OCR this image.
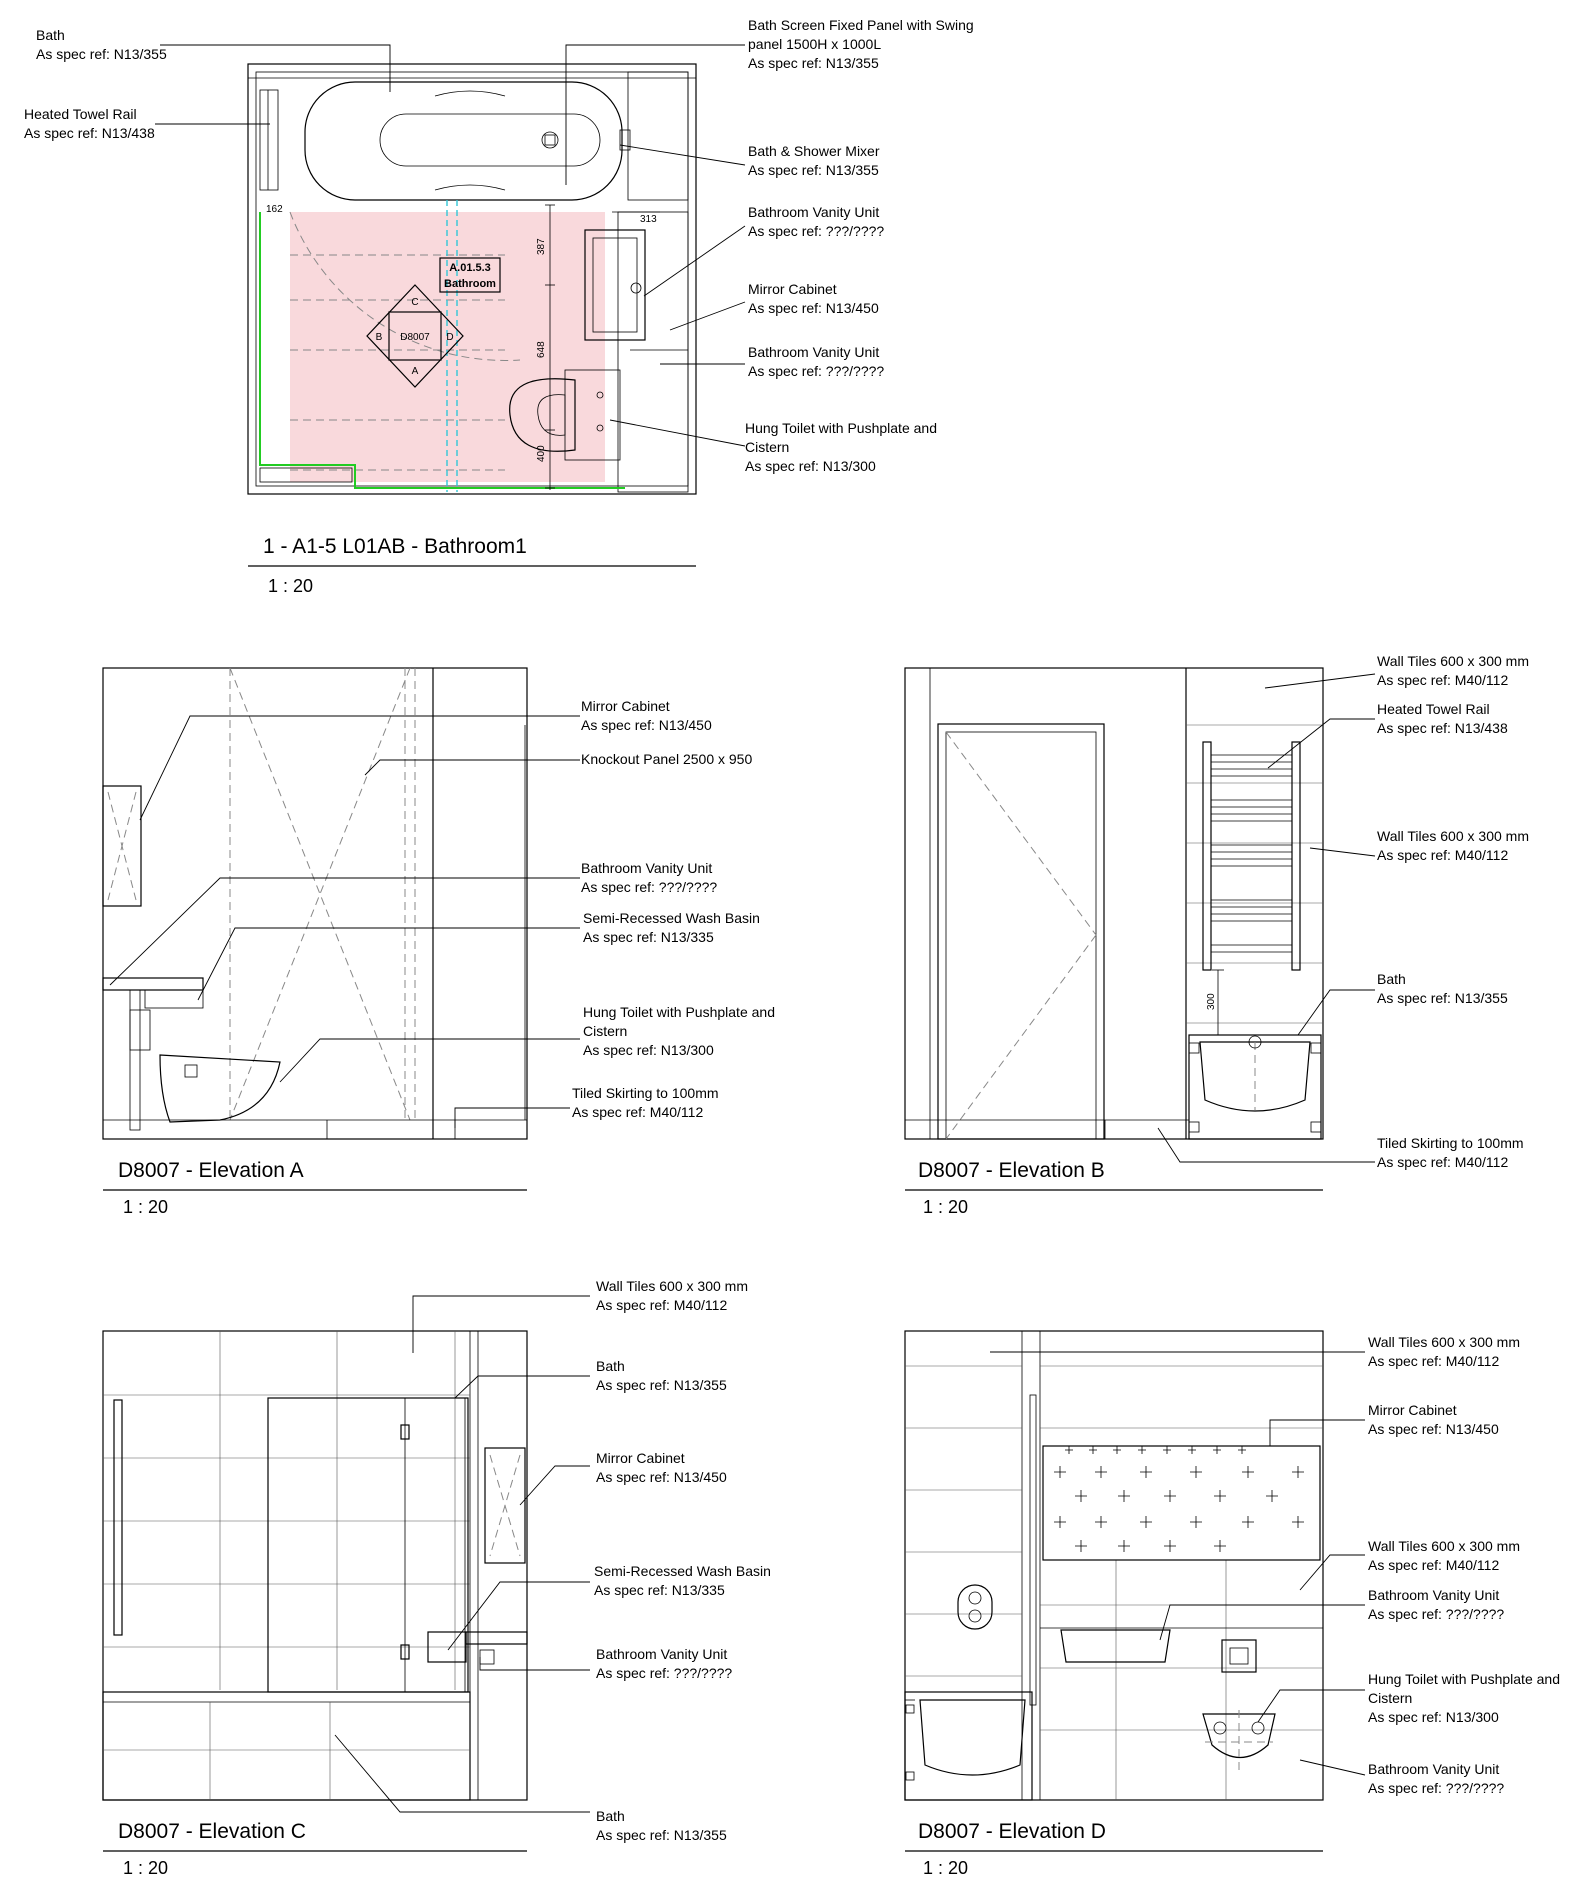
162
313
387
648
400
A.01.5.3
Bathroom
D8007
A
B
C
D
Bath As spec ref: N13/355
Heated Towel Rail As spec ref: N13/438
Bath Screen Fixed Panel with Swing panel 1500H x 1000L As spec ref: N13/355
Bath & Shower Mixer As spec ref: N13/355
Bathroom Vanity Unit As spec ref: ???/????
Mirror Cabinet As spec ref: N13/450
Bathroom Vanity Unit As spec ref: ???/????
Hung Toilet with Pushplate and Cistern As spec ref: N13/300
1 - A1-5 L01AB - Bathroom1
1 : 20
Mirror Cabinet As spec ref: N13/450
Knockout Panel 2500 x 950
Bathroom Vanity Unit As spec ref: ???/????
Semi-Recessed Wash Basin As spec ref: N13/335
Hung Toilet with Pushplate and Cistern As spec ref: N13/300
Tiled Skirting to 100mm As spec ref: M40/112
D8007 - Elevation A
1 : 20
300
Wall Tiles 600 x 300 mm As spec ref: M40/112
Heated Towel Rail As spec ref: N13/438
Wall Tiles 600 x 300 mm As spec ref: M40/112
Bath As spec ref: N13/355
Tiled Skirting to 100mm As spec ref: M40/112
D8007 - Elevation B
1 : 20
Wall Tiles 600 x 300 mm As spec ref: M40/112
Bath As spec ref: N13/355
Mirror Cabinet As spec ref: N13/450
Semi-Recessed Wash Basin As spec ref: N13/335
Bathroom Vanity Unit As spec ref: ???/????
Bath As spec ref: N13/355
D8007 - Elevation C
1 : 20
Wall Tiles 600 x 300 mm As spec ref: M40/112
Mirror Cabinet As spec ref: N13/450
Wall Tiles 600 x 300 mm As spec ref: M40/112
Bathroom Vanity Unit As spec ref: ???/????
Hung Toilet with Pushplate and Cistern As spec ref: N13/300
Bathroom Vanity Unit As spec ref: ???/????
D8007 - Elevation D
1 : 20
